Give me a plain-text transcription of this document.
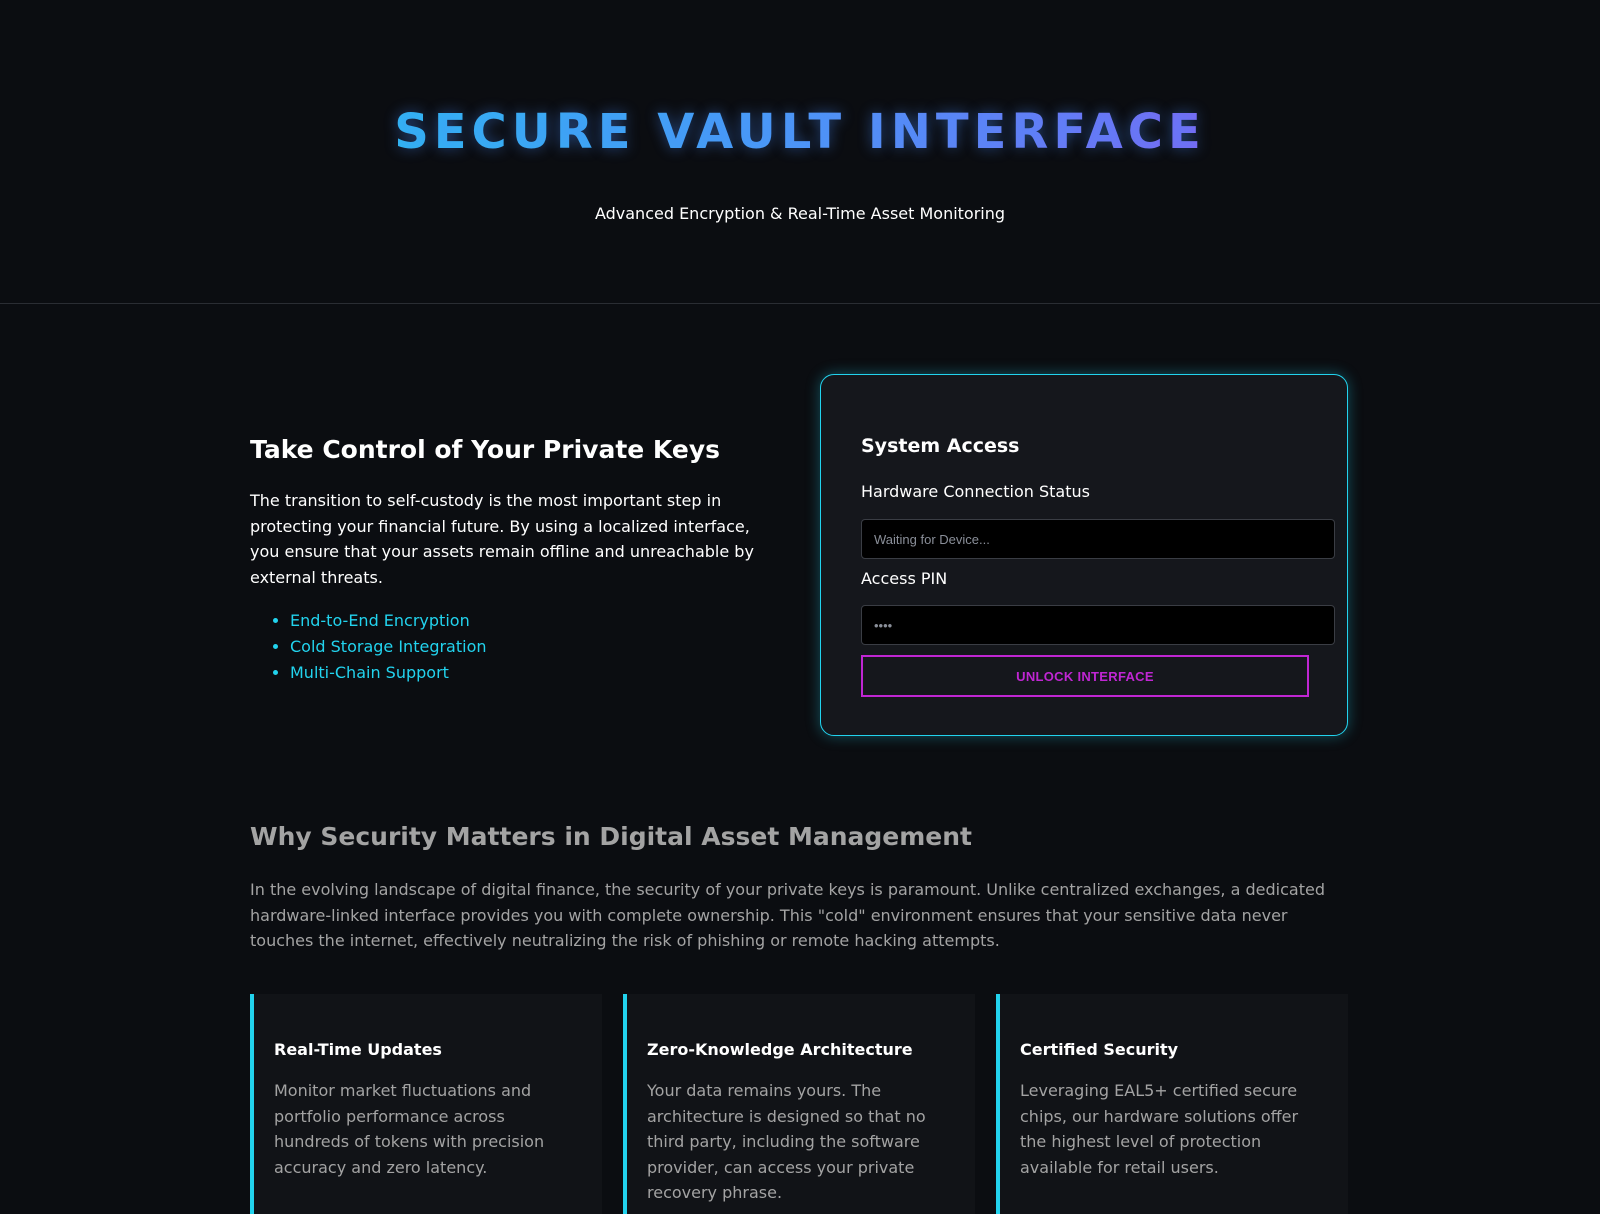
SECURE VAULT INTERFACE
Advanced Encryption & Real-Time Asset Monitoring
Take Control of Your Private Keys

The transition to self-custody is the most important step in protecting your financial future. By using a localized interface, you ensure that your assets remain offline and unreachable by external threats.

• End-to-End Encryption
• Cold Storage Integration
• Multi-Chain Support
System Access
Hardware Connection Status
Waiting for Device...
Access PIN
••••
UNLOCK INTERFACE
Why Security Matters in Digital Asset Management

In the evolving landscape of digital finance, the security of your private keys is paramount. Unlike centralized exchanges, a dedicated hardware-linked interface provides you with complete ownership. This "cold" environment ensures that your sensitive data never touches the internet, effectively neutralizing the risk of phishing or remote hacking attempts.

Real-Time Updates

Monitor market fluctuations and portfolio performance across hundreds of tokens with precision accuracy and zero latency.

Zero-Knowledge Architecture

Your data remains yours. The architecture is designed so that no third party, including the software provider, can access your private recovery phrase.

Certified Security

Leveraging EAL5+ certified secure chips, our hardware solutions offer the highest level of protection available for retail users.
